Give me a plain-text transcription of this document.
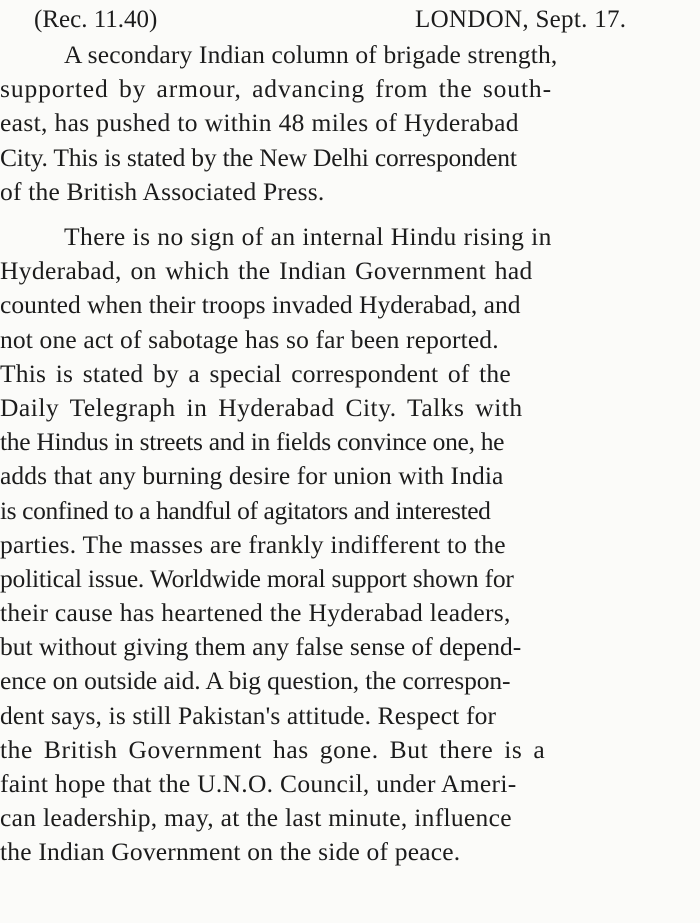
(Rec. 11.40)	LONDON, Sept. 17.

A secondary Indian column of brigade strength,
supported by armour, advancing from the south-
east, has pushed to within 48 miles of Hyderabad
City. This is stated by the New Delhi correspondent
of the British Associated Press.

There is no sign of an internal Hindu rising in
Hyderabad, on which the Indian Government had
counted when their troops invaded Hyderabad, and
not one act of sabotage has so far been reported.
This is stated by a special correspondent of the
Daily Telegraph in Hyderabad City. Talks with
the Hindus in streets and in fields convince one, he
adds that any burning desire for union with India
is confined to a handful of agitators and interested
parties. The masses are frankly indifferent to the
political issue. Worldwide moral support shown for
their cause has heartened the Hyderabad leaders,
but without giving them any false sense of depend-
ence on outside aid. A big question, the correspon-
dent says, is still Pakistan's attitude. Respect for
the British Government has gone. But there is a
faint hope that the U.N.O. Council, under Ameri-
can leadership, may, at the last minute, influence
the Indian Government on the side of peace.
